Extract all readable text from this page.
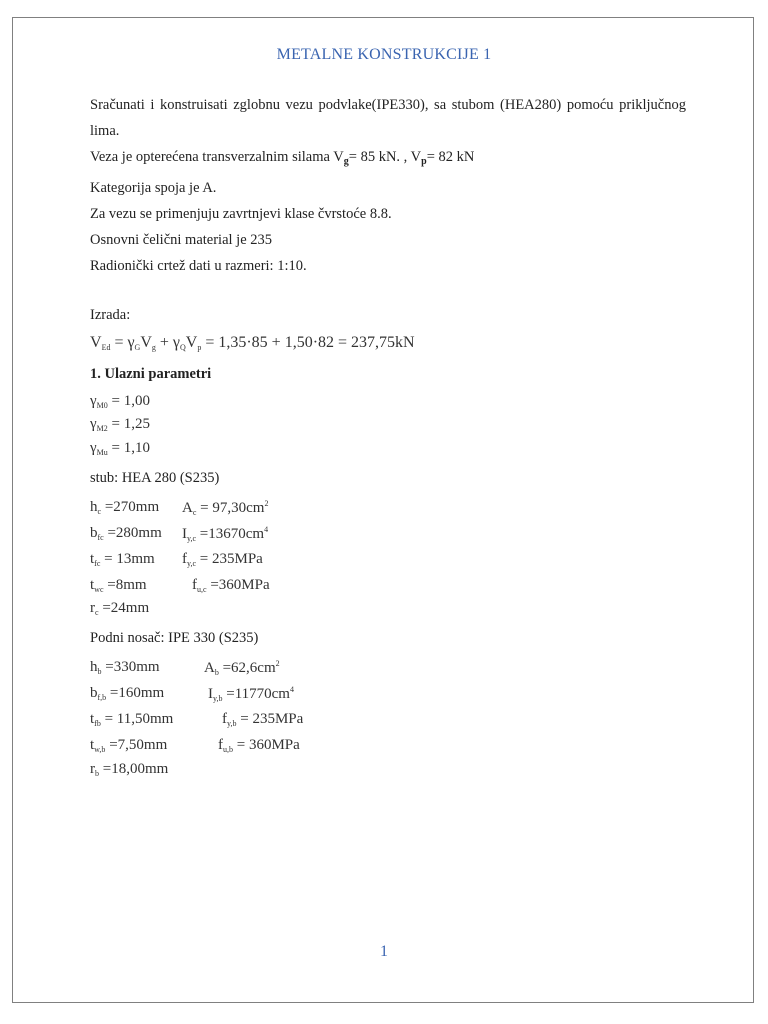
METALNE KONSTRUKCIJE 1

Sračunati i konstruisati zglobnu vezu podvlake(IPE330), sa stubom (HEA280) pomoću priključnog lima.

Veza je opterećena transverzalnim silama $V_g= 85$ kN. , $V_p= 82$ kN

Kategorija spoja je A.

Za vezu se primenjuju zavrtnjevi klase čvrstoće 8.8.

Osnovni čelični material je 235

Radionički crtež dati u razmeri: 1:10.

Izrada:
$V_{Ed} = \gamma_GV_g + \gamma_QV_p = 1,35\cdot 85 + 1,50\cdot 82 = 237,75kN$
1. Ulazni parametri
$\gamma_{M0} = 1,00$
$\gamma_{M2} = 1,25$
$\gamma_{Mu} = 1,10$
stub: HEA 280 (S235)
$h_c =270mm$ $A_c = 97,30cm^2$
$b_{fc} =280mm$ $I_{y,c} =13670cm^4$
$t_{fc} = 13mm$ $f_{y,c} = 235MPa$
$t_{wc} =8mm$	$f_{u,c} =360MPa$
$r_c =24mm$
Podni nosač: IPE 330 (S235)
$h_b =330mm$	$A_b =62,6cm^2$
$b_{f,b} =160mm$	$I_{y,b} =11770cm^4$
$t_{fb} = 11,50mm$	$f_{y,b} = 235MPa$
$t_{w,b} =7,50mm$	$f_{u,b} = 360MPa$
$r_b =18,00mm$
1
